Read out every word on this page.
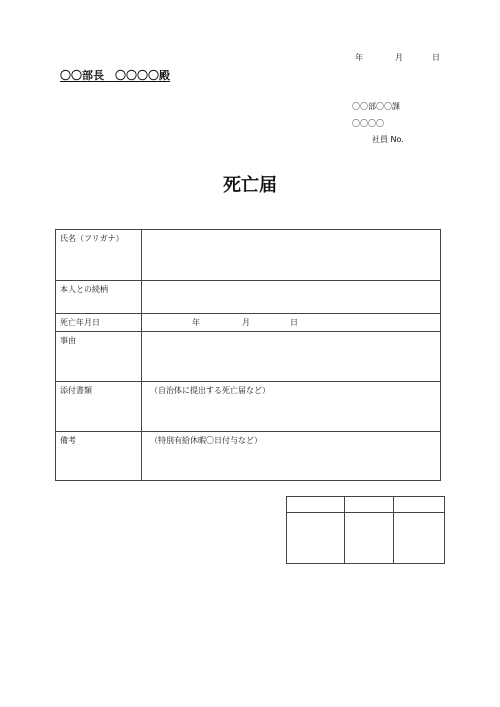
年	月	日
〇〇部長　〇〇〇〇殿
〇〇部〇〇課
〇〇〇〇
社員 No.
死亡届
氏名（フリガナ）	
本人との続柄	
死亡年月日	年 月 日

事由	
添付書類	（自治体に提出する死亡届など）
備考	（特別有給休暇〇日付与など）
